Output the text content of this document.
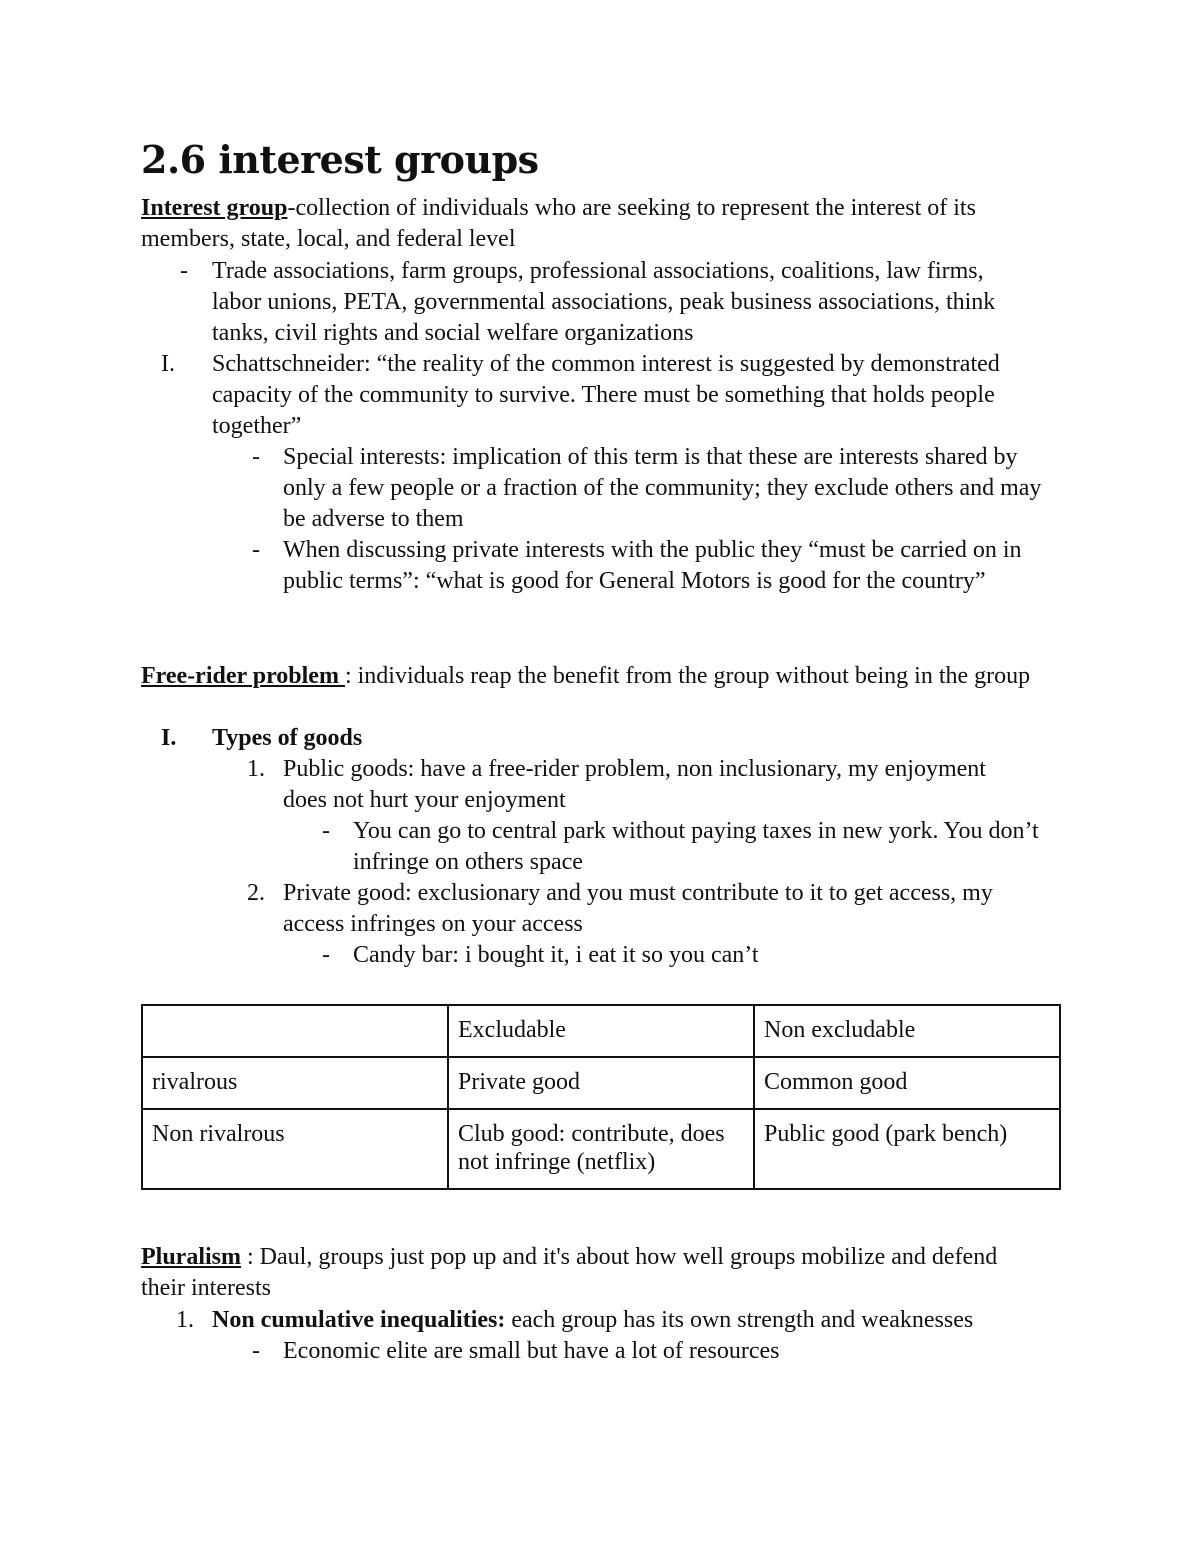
2.6 interest groups

Interest group-collection of individuals who are seeking to represent the interest of its members, state, local, and federal level

- Trade associations, farm groups, professional associations, coalitions, law firms, labor unions, PETA, governmental associations, peak business associations, think tanks, civil rights and social welfare organizations

I. Schattschneider: “the reality of the common interest is suggested by demonstrated capacity of the community to survive. There must be something that holds people together”

- Special interests: implication of this term is that these are interests shared by only a few people or a fraction of the community; they exclude others and may be adverse to them

- When discussing private interests with the public they “must be carried on in public terms”: “what is good for General Motors is good for the country”

Free-rider problem : individuals reap the benefit from the group without being in the group

I. Types of goods

1. Public goods: have a free-rider problem, non inclusionary, my enjoyment does not hurt your enjoyment

- You can go to central park without paying taxes in new york. You don’t infringe on others space

2. Private good: exclusionary and you must contribute to it to get access, my access infringes on your access

- Candy bar: i bought it, i eat it so you can’t

	Excludable	Non excludable
rivalrous	Private good	Common good
Non rivalrous	Club good: contribute, does not infringe (netflix)	Public good (park bench)

Pluralism : Daul, groups just pop up and it's about how well groups mobilize and defend their interests

1. Non cumulative inequalities: each group has its own strength and weaknesses

- Economic elite are small but have a lot of resources
